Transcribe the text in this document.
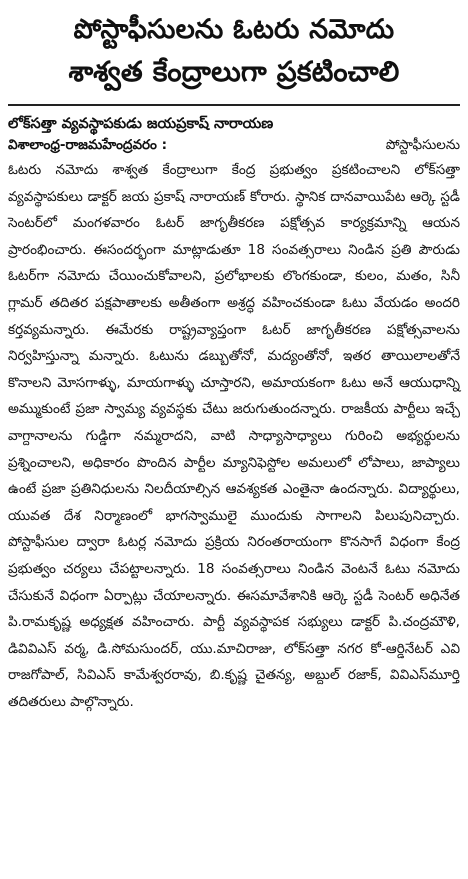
పోస్టాఫీసులను ఓటరు నమోదు
శాశ్వత కేంద్రాలుగా ప్రకటించాలి
లోక్‌సత్తా వ్యవస్థాపకుడు జయప్రకాష్ నారాయణ
విశాలాంధ్ర-రాజమహేంద్రవరం :	పోస్టాఫీసులను

ఓటరు నమోదు శాశ్వత కేంద్రాలుగా కేంద్ర ప్రభుత్వం ప్రకటించాలని లోక్‌సత్తా వ్యవస్థాపకులు డాక్టర్ జయ ప్రకాష్ నారాయణ్ కోరారు. స్థానిక దానవాయిపేట ఆర్కె స్టడీ సెంటర్‌లో మంగళవారం ఓటర్ జాగృతీకరణ పక్షోత్సవ కార్యక్రమాన్ని ఆయన ప్రారంభించారు. ఈసందర్భంగా మాట్లాడుతూ 18 సంవత్సరాలు నిండిన ప్రతి పౌరుడు ఓటర్‌గా నమోదు చేయించుకోవాలని, ప్రలోభాలకు లొంగకుండా, కులం, మతం, సినీ గ్లామర్ తదితర పక్షపాతాలకు అతీతంగా అశ్రద్ధ వహించకుండా ఓటు వేయడం అందరి కర్తవ్యమన్నారు. ఈమేరకు రాష్ట్రవ్యాప్తంగా ఓటర్ జాగృతీకరణ పక్షోత్సవాలను నిర్వహిస్తున్నా మన్నారు. ఓటును డబ్బుతోనో, మద్యంతోనో, ఇతర తాయిలాలతోనే కొనాలని మోసగాళ్ళు, మాయగాళ్ళు చూస్తారని, అమాయకంగా ఓటు అనే ఆయుధాన్ని అమ్ముకుంటే ప్రజా స్వామ్య వ్యవస్థకు చేటు జరుగుతుందన్నారు. రాజకీయ పార్టీలు ఇచ్చే వాగ్దానాలను గుడ్డిగా నమ్మరాదని, వాటి సాధ్యాసాధ్యాలు గురించి అభ్యర్థులను ప్రశ్నించాలని, అధికారం పొందిన పార్టీల మ్యానిఫెస్టోల అమలులో లోపాలు, జాప్యాలు ఉంటే ప్రజా ప్రతినిధులను నిలదీయాల్సిన ఆవశ్యకత ఎంతైనా ఉందన్నారు. విద్యార్థులు, యువత దేశ నిర్మాణంలో భాగస్వాములై ముందుకు సాగాలని పిలుపునిచ్చారు. పోస్టాఫీసుల ద్వారా ఓటర్ల నమోదు ప్రక్రియ నిరంతరాయంగా కొనసాగే విధంగా కేంద్ర ప్రభుత్వం చర్యలు చేపట్టాలన్నారు. 18 సంవత్సరాలు నిండిన వెంటనే ఓటు నమోదు చేసుకునే విధంగా ఏర్పాట్లు చేయాలన్నారు. ఈసమావేశానికి ఆర్కె స్టడీ సెంటర్ అధినేత పి.రామకృష్ణ అధ్యక్షత వహించారు. పార్టీ వ్యవస్థాపక సభ్యులు డాక్టర్ పి.చంద్రమౌళి, డివివిఎస్ వర్మ, డి.సోమసుందర్, యు.మాచిరాజు, లోక్‌సత్తా నగర కో-ఆర్డినేటర్ ఎవి రాజగోపాల్, సివిఎస్ కామేశ్వరరావు, బి.కృష్ణ చైతన్య, అబ్దుల్ రజాక్, వివిఎస్‌మూర్తి తదితరులు పాల్గొన్నారు.
